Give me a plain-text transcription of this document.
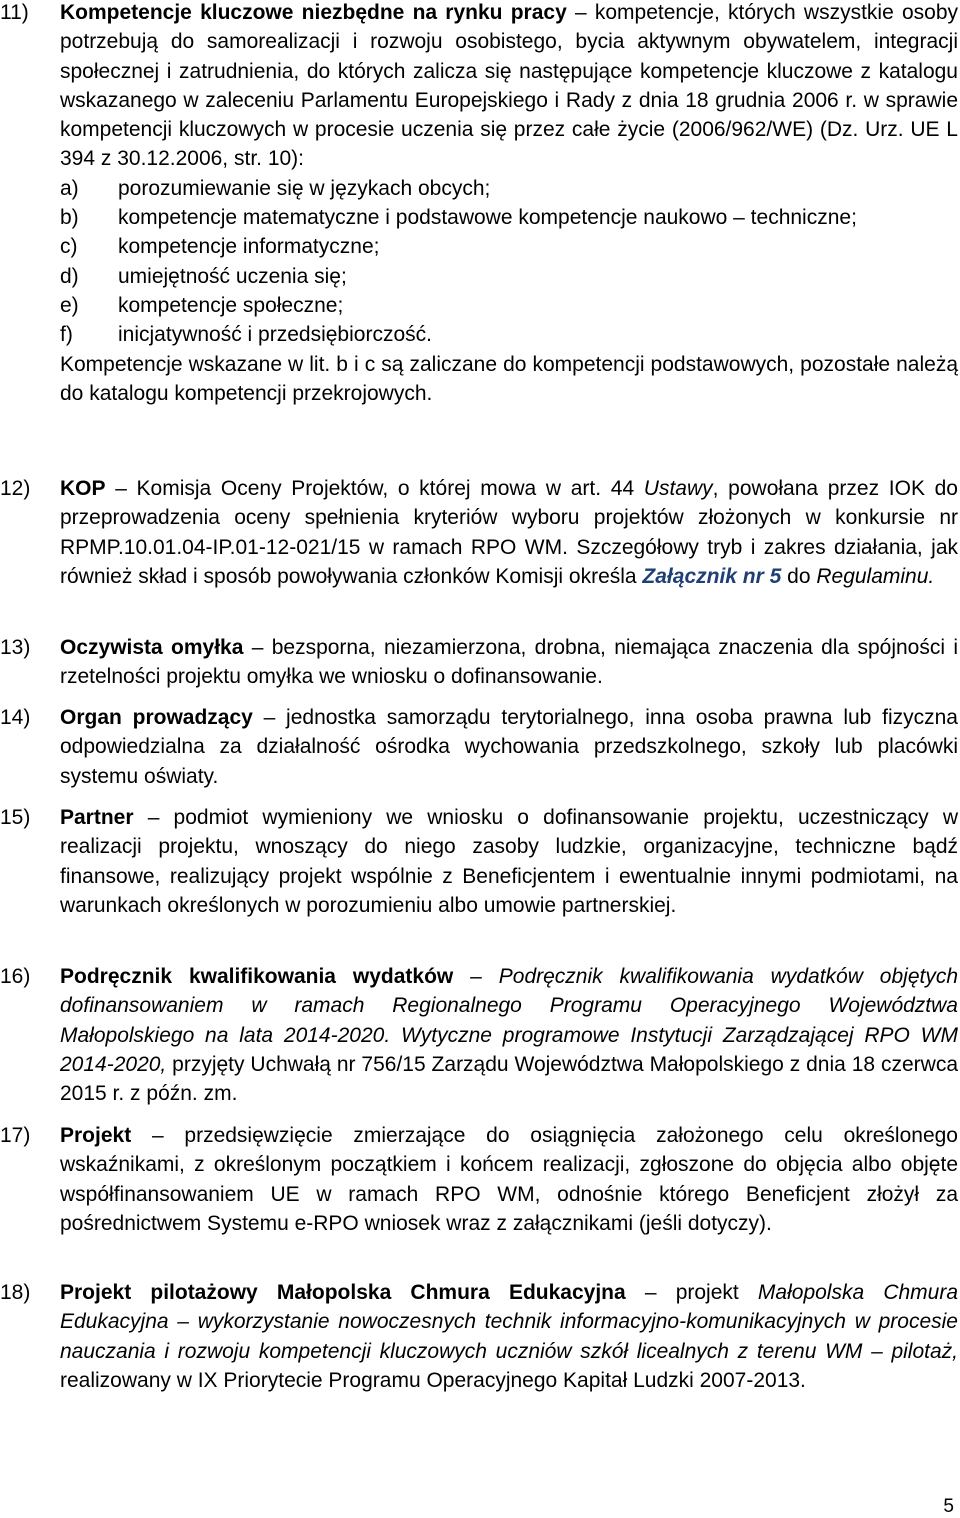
11)	Kompetencje kluczowe niezbędne na rynku pracy – kompetencje, których wszystkie osoby potrzebują do samorealizacji i rozwoju osobistego, bycia aktywnym obywatelem, integracji społecznej i zatrudnienia, do których zalicza się następujące kompetencje kluczowe z katalogu wskazanego w zaleceniu Parlamentu Europejskiego i Rady z dnia 18 grudnia 2006 r. w sprawie kompetencji kluczowych w procesie uczenia się przez całe życie (2006/962/WE) (Dz. Urz. UE L 394 z 30.12.2006, str. 10):
a) porozumiewanie się w językach obcych;
b) kompetencje matematyczne i podstawowe kompetencje naukowo – techniczne;
c) kompetencje informatyczne;
d) umiejętność uczenia się;
e) kompetencje społeczne;
f) inicjatywność i przedsiębiorczość.
Kompetencje wskazane w lit. b i c są zaliczane do kompetencji podstawowych, pozostałe należą do katalogu kompetencji przekrojowych.
12)	KOP – Komisja Oceny Projektów, o której mowa w art. 44 Ustawy, powołana przez IOK do przeprowadzenia oceny spełnienia kryteriów wyboru projektów złożonych w konkursie nr RPMP.10.01.04-IP.01-12-021/15 w ramach RPO WM. Szczegółowy tryb i zakres działania, jak również skład i sposób powoływania członków Komisji określa Załącznik nr 5 do Regulaminu.
13)	Oczywista omyłka – bezsporna, niezamierzona, drobna, niemająca znaczenia dla spójności i rzetelności projektu omyłka we wniosku o dofinansowanie.
14)	Organ prowadzący – jednostka samorządu terytorialnego, inna osoba prawna lub fizyczna odpowiedzialna za działalność ośrodka wychowania przedszkolnego, szkoły lub placówki systemu oświaty.
15)	Partner – podmiot wymieniony we wniosku o dofinansowanie projektu, uczestniczący w realizacji projektu, wnoszący do niego zasoby ludzkie, organizacyjne, techniczne bądź finansowe, realizujący projekt wspólnie z Beneficjentem i ewentualnie innymi podmiotami, na warunkach określonych w porozumieniu albo umowie partnerskiej.
16)	Podręcznik kwalifikowania wydatków – Podręcznik kwalifikowania wydatków objętych dofinansowaniem w ramach Regionalnego Programu Operacyjnego Województwa Małopolskiego na lata 2014-2020. Wytyczne programowe Instytucji Zarządzającej RPO WM 2014-2020, przyjęty Uchwałą nr 756/15 Zarządu Województwa Małopolskiego z dnia 18 czerwca 2015 r. z późn. zm.
17)	Projekt – przedsięwzięcie zmierzające do osiągnięcia założonego celu określonego wskaźnikami, z określonym początkiem i końcem realizacji, zgłoszone do objęcia albo objęte współfinansowaniem UE w ramach RPO WM, odnośnie którego Beneficjent złożył za pośrednictwem Systemu e-RPO wniosek wraz z załącznikami (jeśli dotyczy).
18)	Projekt pilotażowy Małopolska Chmura Edukacyjna – projekt Małopolska Chmura Edukacyjna – wykorzystanie nowoczesnych technik informacyjno-komunikacyjnych w procesie nauczania i rozwoju kompetencji kluczowych uczniów szkół licealnych z terenu WM – pilotaż, realizowany w IX Priorytecie Programu Operacyjnego Kapitał Ludzki 2007-2013.
5
